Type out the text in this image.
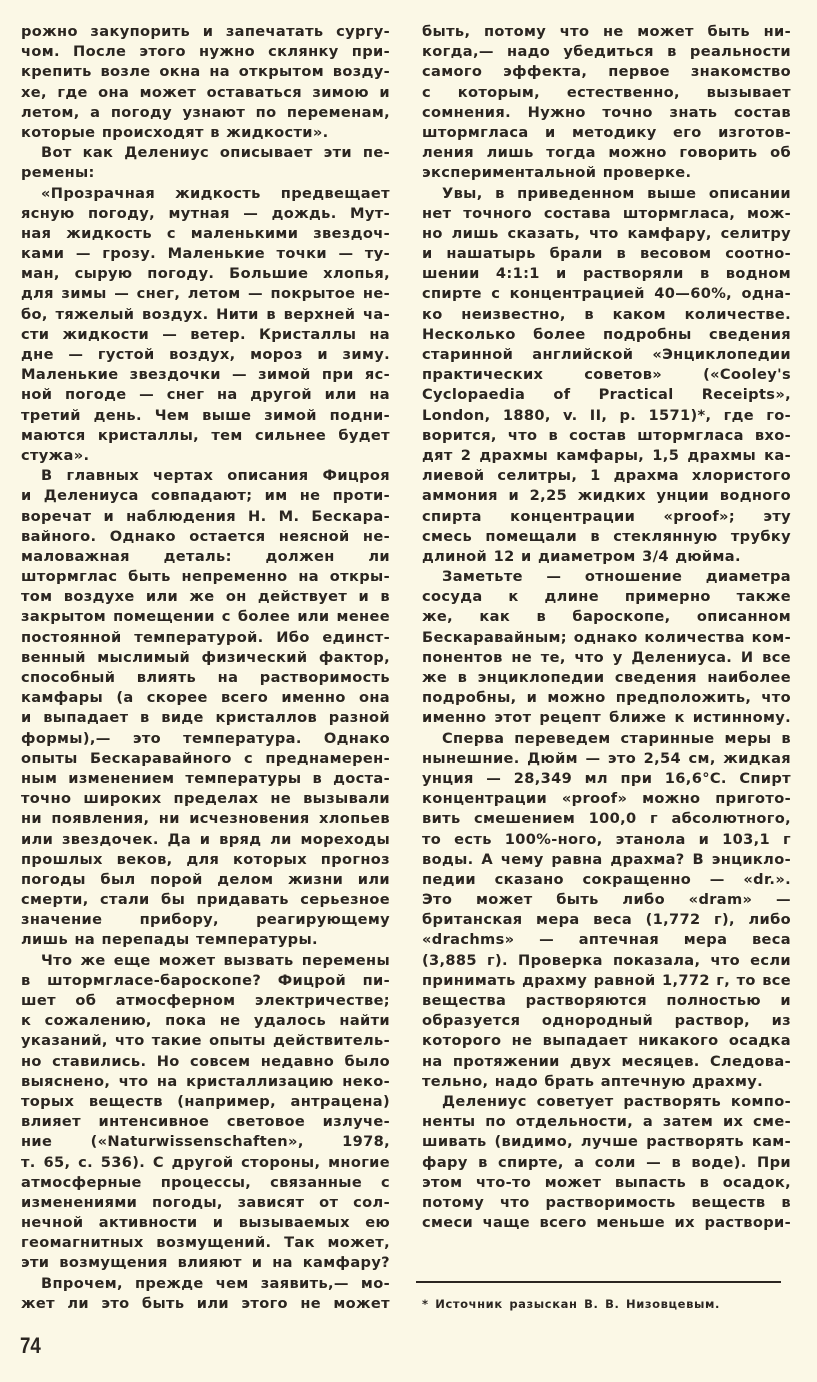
рожно закупорить и запечатать сургу-
чом. После этого нужно склянку при-
крепить возле окна на открытом возду-
хе, где она может оставаться зимою и
летом, а погоду узнают по переменам,
которые происходят в жидкости».
Вот как Делениус описывает эти пе-
ремены:
«Прозрачная жидкость предвещает
ясную погоду, мутная — дождь. Мут-
ная жидкость с маленькими звездоч-
ками — грозу. Маленькие точки — ту-
ман, сырую погоду. Большие хлопья,
для зимы — снег, летом — покрытое не-
бо, тяжелый воздух. Нити в верхней ча-
сти жидкости — ветер. Кристаллы на
дне — густой воздух, мороз и зиму.
Маленькие звездочки — зимой при яс-
ной погоде — снег на другой или на
третий день. Чем выше зимой подни-
маются кристаллы, тем сильнее будет
стужа».
В главных чертах описания Фицроя
и Делениуса совпадают; им не проти-
воречат и наблюдения Н. М. Бескара-
вайного. Однако остается неясной не-
маловажная деталь: должен ли
штормглас быть непременно на откры-
том воздухе или же он действует и в
закрытом помещении с более или менее
постоянной температурой. Ибо единст-
венный мыслимый физический фактор,
способный влиять на растворимость
камфары (а скорее всего именно она
и выпадает в виде кристаллов разной
формы),— это температура. Однако
опыты Бескаравайного с преднамерен-
ным изменением температуры в доста-
точно широких пределах не вызывали
ни появления, ни исчезновения хлопьев
или звездочек. Да и вряд ли мореходы
прошлых веков, для которых прогноз
погоды был порой делом жизни или
смерти, стали бы придавать серьезное
значение прибору, реагирующему
лишь на перепады температуры.
Что же еще может вызвать перемены
в штормгласе-бароскопе? Фицрой пи-
шет об атмосферном электричестве;
к сожалению, пока не удалось найти
указаний, что такие опыты действитель-
но ставились. Но совсем недавно было
выяснено, что на кристаллизацию неко-
торых веществ (например, антрацена)
влияет интенсивное световое излуче-
ние («Naturwissenschaften», 1978,
т. 65, с. 536). С другой стороны, многие
атмосферные процессы, связанные с
изменениями погоды, зависят от сол-
нечной активности и вызываемых ею
геомагнитных возмущений. Так может,
эти возмущения влияют и на камфару?
Впрочем, прежде чем заявить,— мо-
жет ли это быть или этого не может
быть, потому что не может быть ни-
когда,— надо убедиться в реальности
самого эффекта, первое знакомство
с которым, естественно, вызывает
сомнения. Нужно точно знать состав
штормгласа и методику его изготов-
ления лишь тогда можно говорить об
экспериментальной проверке.
Увы, в приведенном выше описании
нет точного состава штормгласа, мож-
но лишь сказать, что камфару, селитру
и нашатырь брали в весовом соотно-
шении 4:1:1 и растворяли в водном
спирте с концентрацией 40—60%, одна-
ко неизвестно, в каком количестве.
Несколько более подробны сведения
старинной английской «Энциклопедии
практических советов» («Cooley's
Cyclopaedia of Practical Receipts»,
London, 1880, v. II, p. 1571)*, где го-
ворится, что в состав штормгласа вхо-
дят 2 драхмы камфары, 1,5 драхмы ка-
лиевой селитры, 1 драхма хлористого
аммония и 2,25 жидких унции водного
спирта концентрации «proof»; эту
смесь помещали в стеклянную трубку
длиной 12 и диаметром 3/4 дюйма.
Заметьте — отношение диаметра
сосуда к длине примерно также
же, как в бароскопе, описанном
Бескаравайным; однако количества ком-
понентов не те, что у Делениуса. И все
же в энциклопедии сведения наиболее
подробны, и можно предположить, что
именно этот рецепт ближе к истинному.
Сперва переведем старинные меры в
нынешние. Дюйм — это 2,54 см, жидкая
унция — 28,349 мл при 16,6°C. Спирт
концентрации «proof» можно пригото-
вить смешением 100,0 г абсолютного,
то есть 100%-ного, этанола и 103,1 г
воды. А чему равна драхма? В энцикло-
педии сказано сокращенно — «dr.».
Это может быть либо «dram» —
британская мера веса (1,772 г), либо
«drachms» — аптечная мера веса
(3,885 г). Проверка показала, что если
принимать драхму равной 1,772 г, то все
вещества растворяются полностью и
образуется однородный раствор, из
которого не выпадает никакого осадка
на протяжении двух месяцев. Следова-
тельно, надо брать аптечную драхму.
Делениус советует растворять компо-
ненты по отдельности, а затем их сме-
шивать (видимо, лучше растворять кам-
фару в спирте, а соли — в воде). При
этом что-то может выпасть в осадок,
потому что растворимость веществ в
смеси чаще всего меньше их раствори-
* Источник разыскан В. В. Низовцевым.
74
